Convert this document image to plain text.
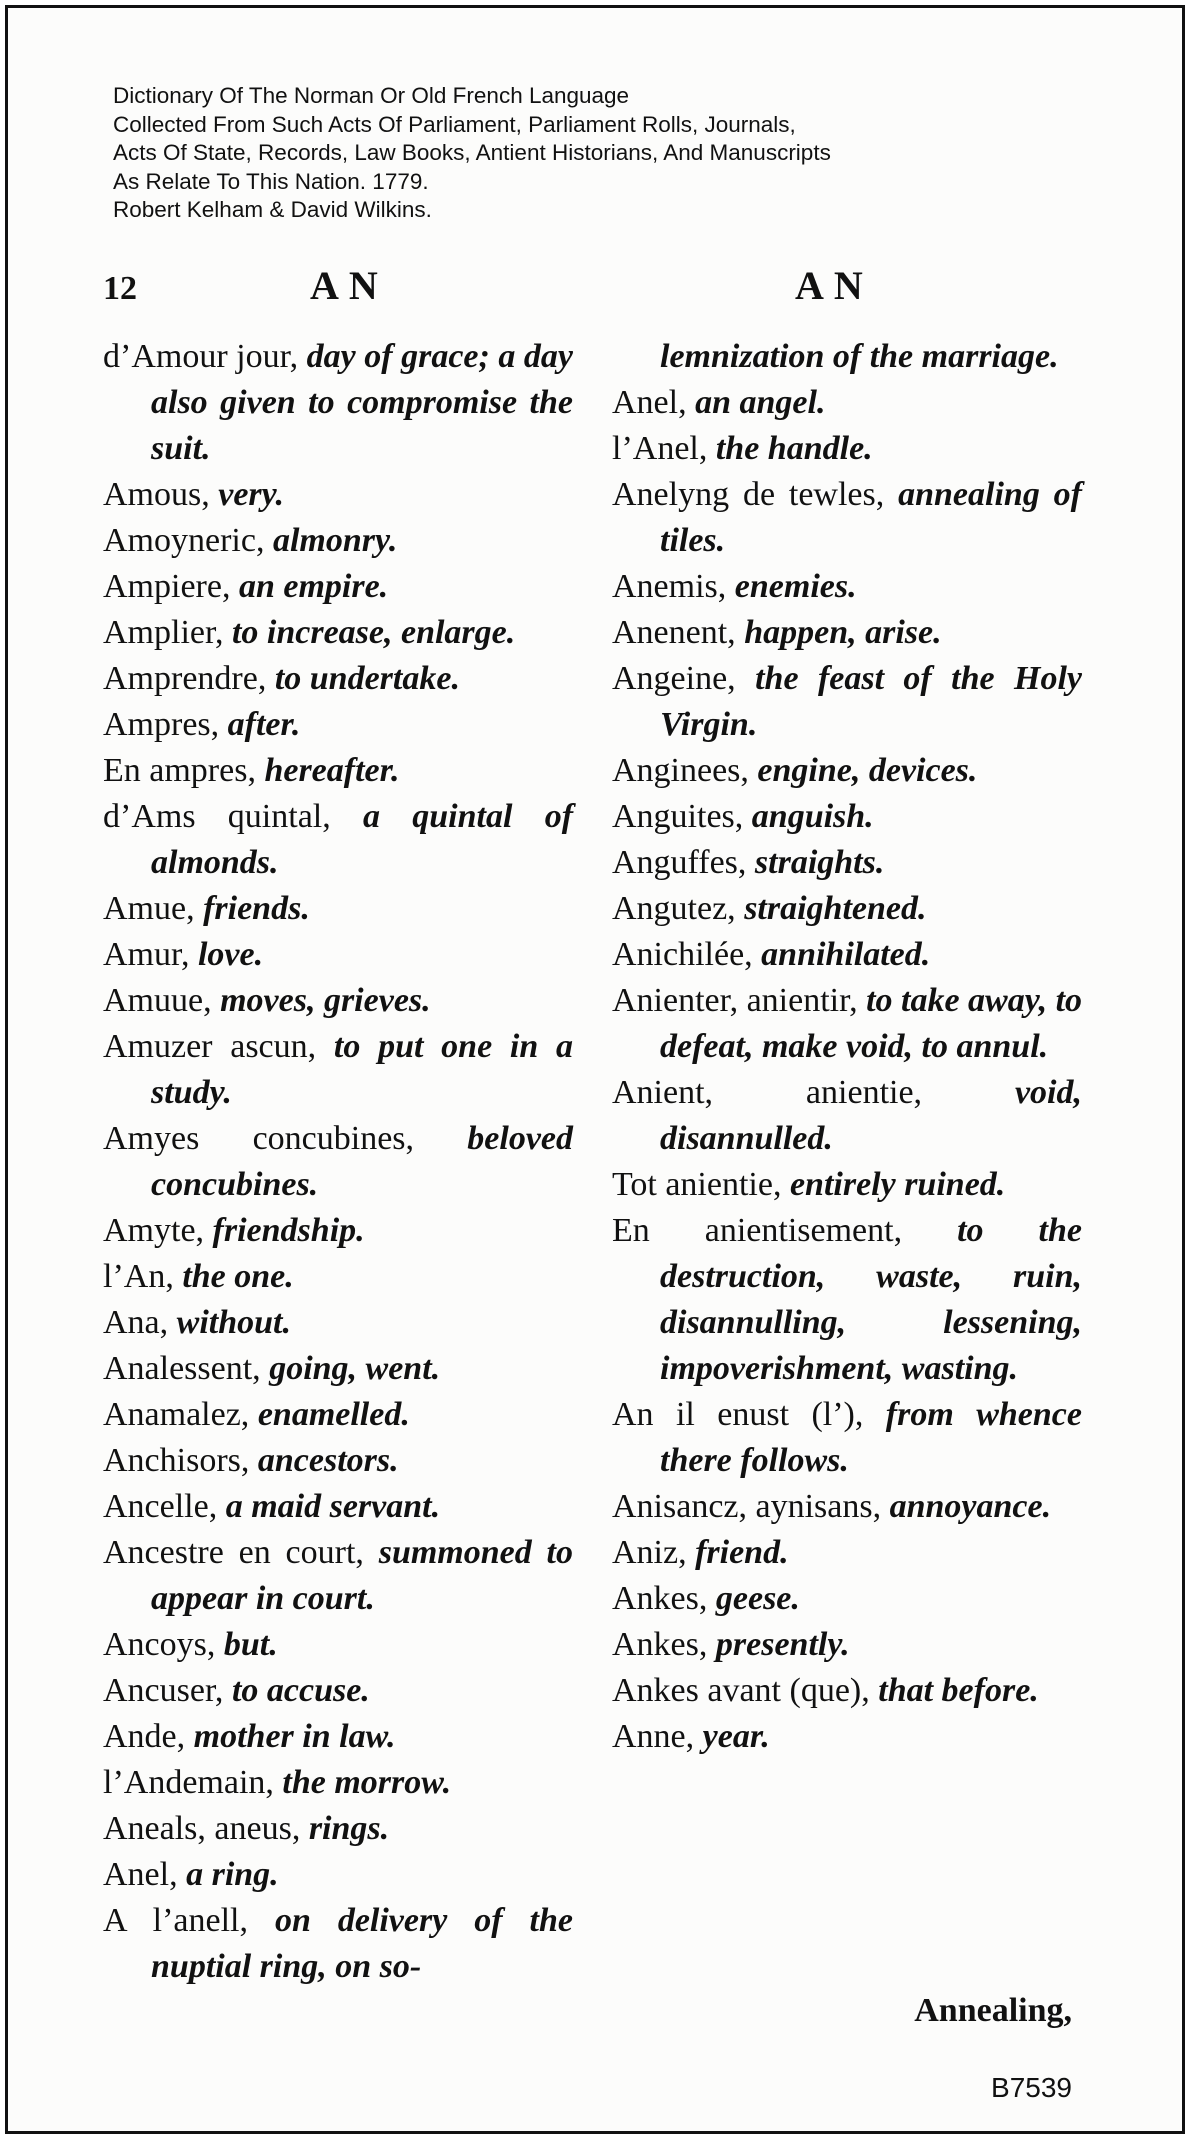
Dictionary Of The Norman Or Old French Language
Collected From Such Acts Of Parliament, Parliament Rolls, Journals,
Acts Of State, Records, Law Books, Antient Historians, And Manuscripts
As Relate To This Nation. 1779.
Robert Kelham & David Wilkins.
12	AN	AN
d’Amour jour, day of grace; a day also given to compromise the suit.
Amous, very.
Amoyneric, almonry.
Ampiere, an empire.
Amplier, to increase, enlarge.
Amprendre, to undertake.
Ampres, after.
En ampres, hereafter.
d’Ams quintal, a quintal of almonds.
Amue, friends.
Amur, love.
Amuue, moves, grieves.
Amuzer ascun, to put one in a study.
Amyes concubines, beloved concubines.
Amyte, friendship.
l’An, the one.
Ana, without.
Analessent, going, went.
Anamalez, enamelled.
Anchisors, ancestors.
Ancelle, a maid servant.
Ancestre en court, summoned to appear in court.
Ancoys, but.
Ancuser, to accuse.
Ande, mother in law.
l’Andemain, the morrow.
Aneals, aneus, rings.
Anel, a ring.
A l’anell, on delivery of the nuptial ring, on so-
lemnization of the marriage.
Anel, an angel.
l’Anel, the handle.
Anelyng de tewles, annealing of tiles.
Anemis, enemies.
Anenent, happen, arise.
Angeine, the feast of the Holy Virgin.
Anginees, engine, devices.
Anguites, anguish.
Anguffes, straights.
Angutez, straightened.
Anichilée, annihilated.
Anienter, anientir, to take away, to defeat, make void, to annul.
Anient, anientie,	void, disannulled.
Tot anientie, entirely ruined.
En anientisement, to the destruction, waste, ruin, disannulling, lessening, impoverishment, wasting.
An il enust (l’), from whence there follows.
Anisancz, aynisans, annoyance.
Aniz, friend.
Ankes, geese.
Ankes, presently.
Ankes avant (que), that before.
Anne, year.
Annealing,
B7539
